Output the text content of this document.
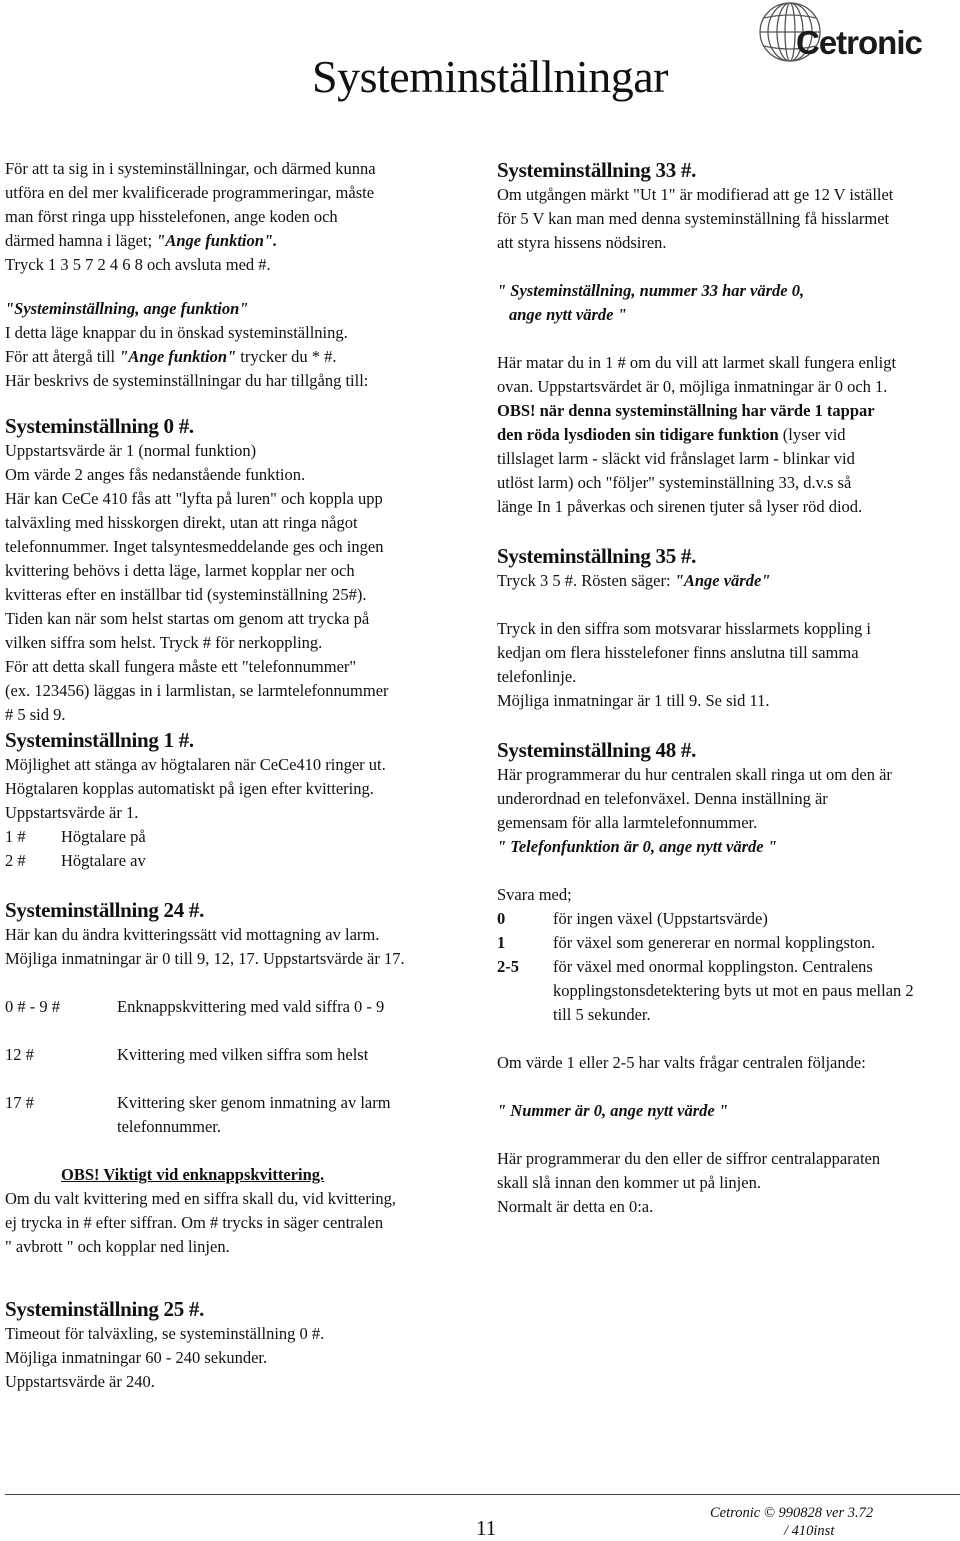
Cetronic
Systeminställningar

För att ta sig in i systeminställningar, och därmed kunna

utföra en del mer kvalificerade programmeringar, måste

man först ringa upp hisstelefonen, ange koden och

därmed hamna i läget; "Ange funktion".

Tryck 1 3 5 7 2 4 6 8 och avsluta med #.

"Systeminställning, ange funktion"

I detta läge knappar du in önskad systeminställning.

För att återgå till "Ange funktion" trycker du * #.

Här beskrivs de systeminställningar du har tillgång till:

Systeminställning 0 #.

Uppstartsvärde är 1 (normal funktion)

Om värde 2 anges fås nedanstående funktion.

Här kan CeCe 410 fås att "lyfta på luren" och koppla upp

talväxling med hisskorgen direkt, utan att ringa något

telefonnummer. Inget talsyntesmeddelande ges och ingen

kvittering behövs i detta läge, larmet kopplar ner och

kvitteras efter en inställbar tid (systeminställning 25#).

Tiden kan när som helst startas om genom att trycka på

vilken siffra som helst. Tryck # för nerkoppling.

För att detta skall fungera måste ett "telefonnummer"

(ex. 123456) läggas in i larmlistan, se larmtelefonnummer

# 5 sid 9.

Systeminställning 1 #.

Möjlighet att stänga av högtalaren när CeCe410 ringer ut.

Högtalaren kopplas automatiskt på igen efter kvittering.

Uppstartsvärde är 1.

1 #	Högtalare på
2 #	Högtalare av

Systeminställning 24 #.

Här kan du ändra kvitteringssätt vid mottagning av larm.

Möjliga inmatningar är 0 till 9, 12, 17. Uppstartsvärde är 17.

0 # - 9 #	Enknappskvittering med vald siffra 0 - 9
12 #	Kvittering med vilken siffra som helst
17 #	Kvittering sker genom inmatning av larm telefonnummer.

OBS! Viktigt vid enknappskvittering.

Om du valt kvittering med en siffra skall du, vid kvittering,

ej trycka in # efter siffran. Om # trycks in säger centralen

" avbrott " och kopplar ned linjen.

Systeminställning 25 #.

Timeout för talväxling, se systeminställning 0 #.

Möjliga inmatningar 60 - 240 sekunder.

Uppstartsvärde är 240.

Systeminställning 33 #.

Om utgången märkt "Ut 1" är modifierad att ge 12 V istället

för 5 V kan man med denna systeminställning få hisslarmet

att styra hissens nödsiren.

" Systeminställning, nummer 33 har värde 0,

ange nytt värde "

Här matar du in 1 # om du vill att larmet skall fungera enligt

ovan. Uppstartsvärdet är 0, möjliga inmatningar är 0 och 1.

OBS! när denna systeminställning har värde 1 tappar

den röda lysdioden sin tidigare funktion (lyser vid

tillslaget larm - släckt vid frånslaget larm - blinkar vid

utlöst larm) och "följer" systeminställning 33, d.v.s så

länge In 1 påverkas och sirenen tjuter så lyser röd diod.

Systeminställning 35 #.

Tryck 3 5 #. Rösten säger: "Ange värde"

Tryck in den siffra som motsvarar hisslarmets koppling i

kedjan om flera hisstelefoner finns anslutna till samma

telefonlinje.

Möjliga inmatningar är 1 till 9. Se sid 11.

Systeminställning 48 #.

Här programmerar du hur centralen skall ringa ut om den är

underordnad en telefonväxel. Denna inställning är

gemensam för alla larmtelefonnummer.

" Telefonfunktion är 0, ange nytt värde "

Svara med;

0	för ingen växel (Uppstartsvärde)
1	för växel som genererar en normal kopplingston.
2-5	för växel med onormal kopplingston. Centralens kopplingstonsdetektering byts ut mot en paus mellan 2 till 5 sekunder.

Om värde 1 eller 2-5 har valts frågar centralen följande:

" Nummer är 0, ange nytt värde "

Här programmerar du den eller de siffror centralapparaten

skall slå innan den kommer ut på linjen.

Normalt är detta en 0:a.

11
Cetronic © 990828 ver 3.72
/ 410inst
